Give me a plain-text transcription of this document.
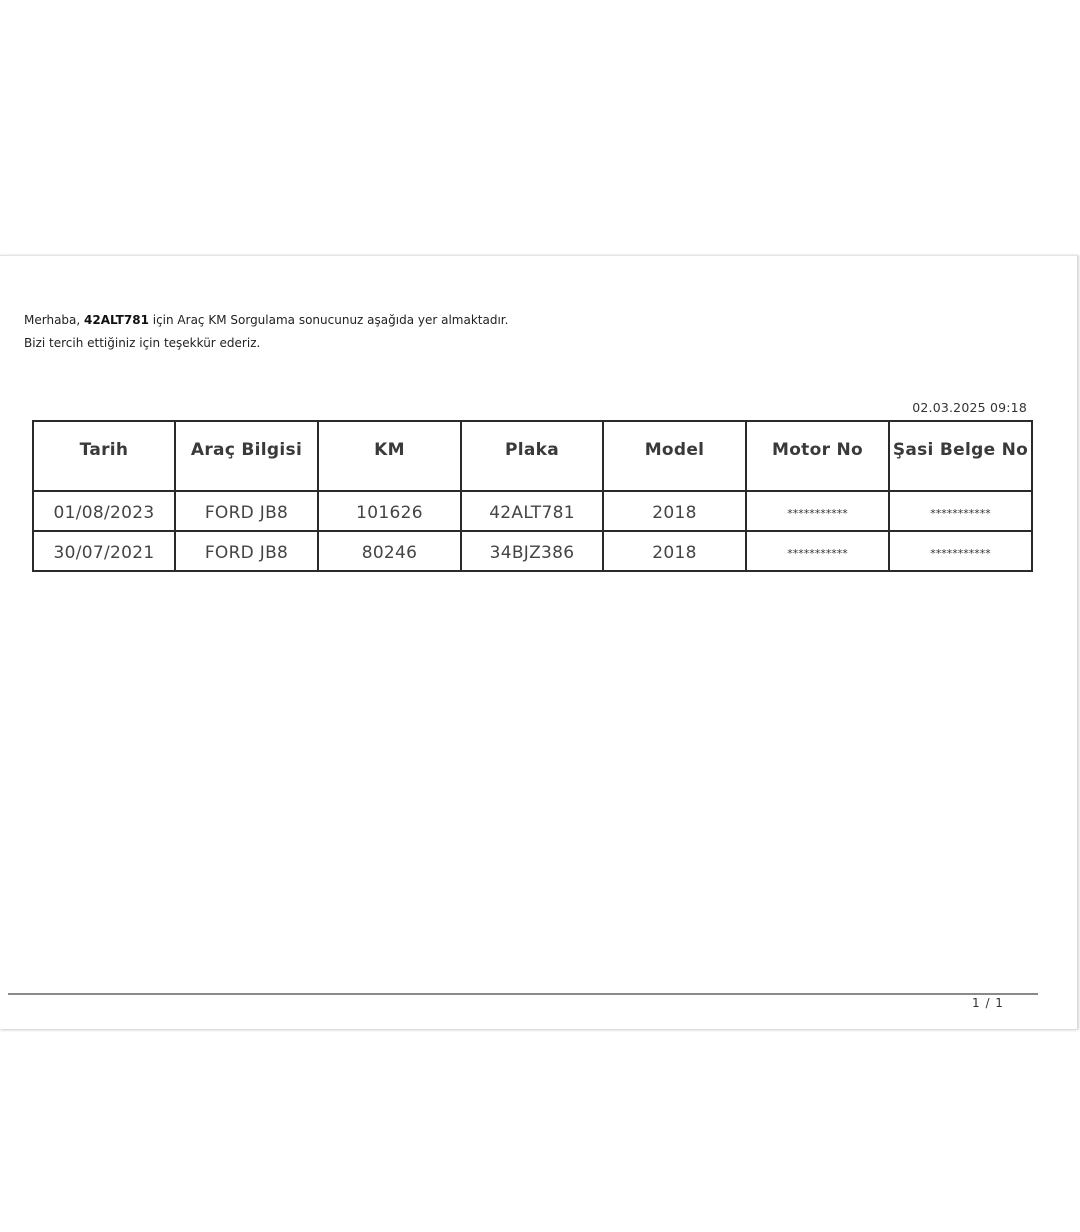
Merhaba, 42ALT781 için Araç KM Sorgulama sonucunuz aşağıda yer almaktadır.
Bizi tercih ettiğiniz için teşekkür ederiz.
02.03.2025 09:18
Tarih	Araç Bilgisi	KM	Plaka	Model	Motor No	Şasi Belge No
01/08/2023	FORD JB8	101626	42ALT781	2018	***********	***********
30/07/2021	FORD JB8	80246	34BJZ386	2018	***********	***********
1 / 1
